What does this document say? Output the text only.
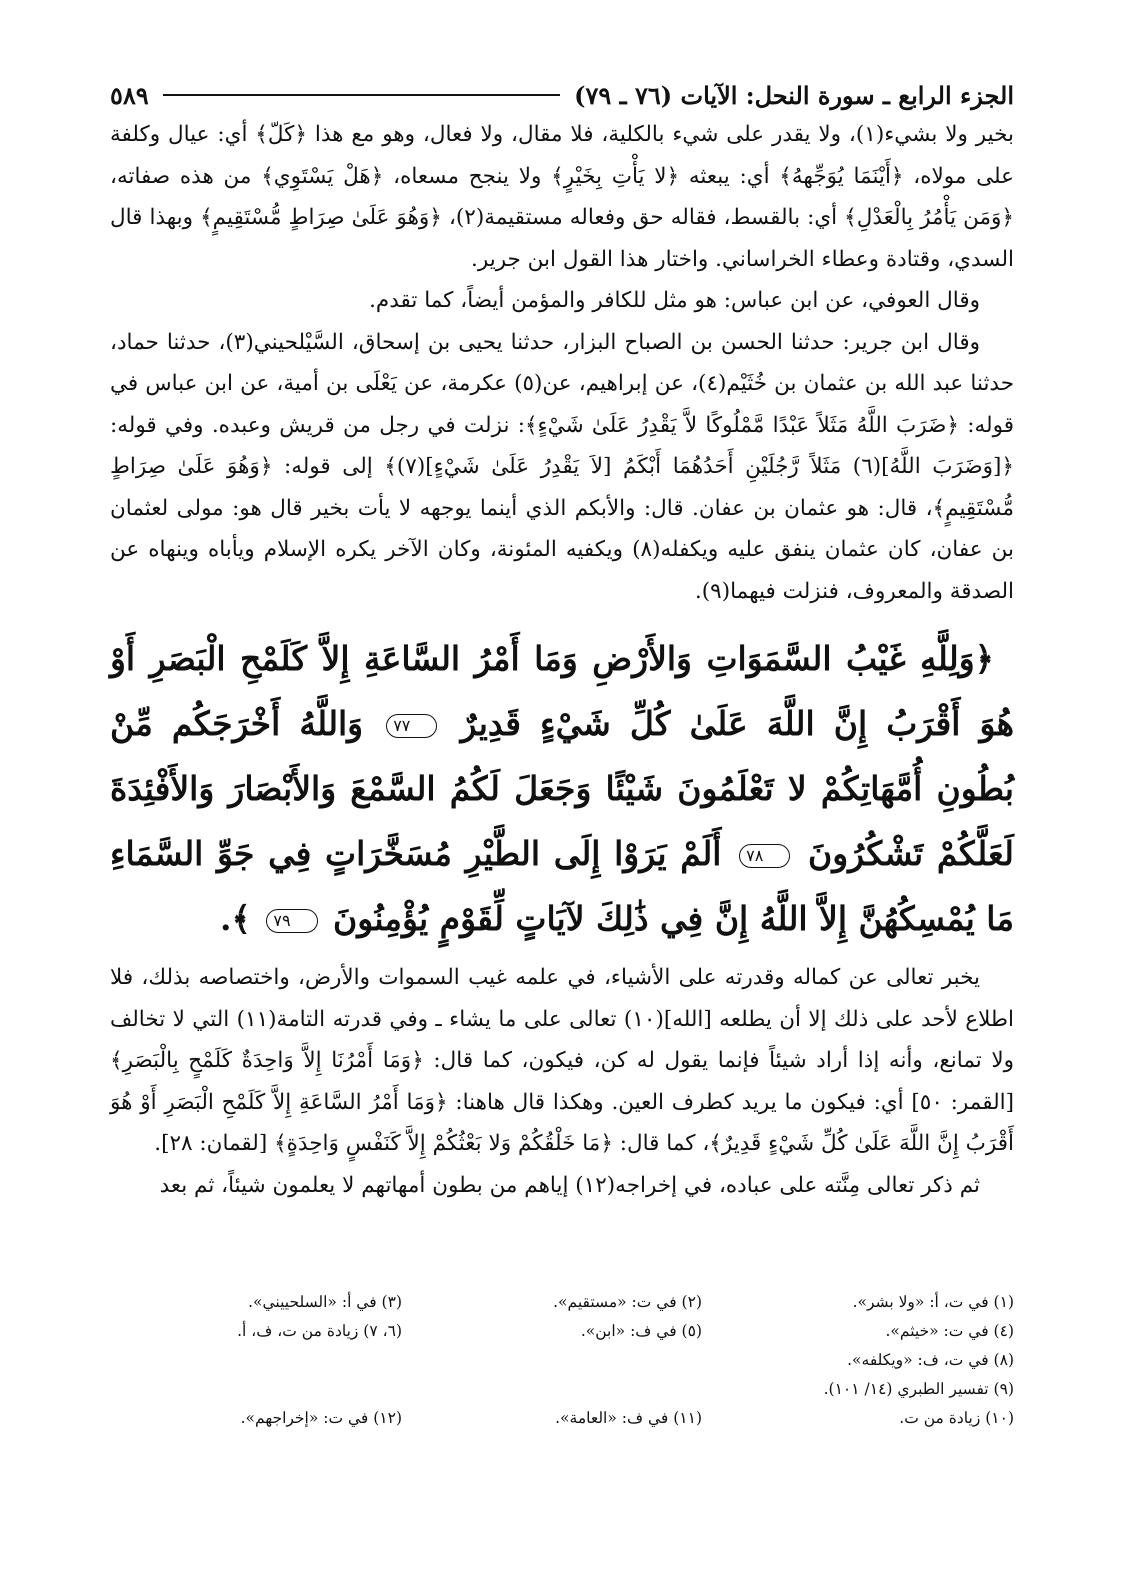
الجزء الرابع ـ سورة النحل: الآيات (٧٦ ـ ٧٩)
٥٨٩

بخير ولا بشيء(١)، ولا يقدر على شيء بالكلية، فلا مقال، ولا فعال، وهو مع هذا ﴿كَلّ﴾ أي: عيال وكلفة على مولاه، ﴿أَيْنَمَا يُوَجِّههُ﴾ أي: يبعثه ﴿لا يَأْتِ بِخَيْرٍ﴾ ولا ينجح مسعاه، ﴿هَلْ يَسْتَوِي﴾ من هذه صفاته، ﴿وَمَن يَأْمُرُ بِالْعَدْلِ﴾ أي: بالقسط، فقاله حق وفعاله مستقيمة(٢)، ﴿وَهُوَ عَلَىٰ صِرَاطٍ مُّسْتَقِيمٍ﴾ وبهذا قال السدي، وقتادة وعطاء الخراساني. واختار هذا القول ابن جرير.

وقال العوفي، عن ابن عباس: هو مثل للكافر والمؤمن أيضاً، كما تقدم.

وقال ابن جرير: حدثنا الحسن بن الصباح البزار، حدثنا يحيى بن إسحاق، السَّيْلحيني(٣)، حدثنا حماد، حدثنا عبد الله بن عثمان بن خُثَيْم(٤)، عن إبراهيم، عن(٥) عكرمة، عن يَعْلَى بن أمية، عن ابن عباس في قوله: ﴿ضَرَبَ اللَّهُ مَثَلاً عَبْدًا مَّمْلُوكًا لاَّ يَقْدِرُ عَلَىٰ شَيْءٍ﴾: نزلت في رجل من قريش وعبده. وفي قوله: ﴿[وَضَرَبَ اللَّهُ](٦) مَثَلاً رَّجُلَيْنِ أَحَدُهُمَا أَبْكَمُ [لاَ يَقْدِرُ عَلَىٰ شَيْءٍ](٧)﴾ إلى قوله: ﴿وَهُوَ عَلَىٰ صِرَاطٍ مُّسْتَقِيمٍ﴾، قال: هو عثمان بن عفان. قال: والأبكم الذي أينما يوجهه لا يأت بخير قال هو: مولى لعثمان بن عفان، كان عثمان ينفق عليه ويكفله(٨) ويكفيه المئونة، وكان الآخر يكره الإسلام ويأباه وينهاه عن الصدقة والمعروف، فنزلت فيهما(٩).

﴿وَلِلَّهِ غَيْبُ السَّمَوَاتِ وَالأَرْضِ وَمَا أَمْرُ السَّاعَةِ إِلاَّ كَلَمْحِ الْبَصَرِ أَوْ هُوَ أَقْرَبُ إِنَّ اللَّهَ عَلَىٰ كُلِّ شَيْءٍ قَدِيرٌ ٧٧ وَاللَّهُ أَخْرَجَكُم مِّنْ بُطُونِ أُمَّهَاتِكُمْ لا تَعْلَمُونَ شَيْئًا وَجَعَلَ لَكُمُ السَّمْعَ وَالأَبْصَارَ وَالأَفْئِدَةَ لَعَلَّكُمْ تَشْكُرُونَ ٧٨ أَلَمْ يَرَوْا إِلَى الطَّيْرِ مُسَخَّرَاتٍ فِي جَوِّ السَّمَاءِ مَا يُمْسِكُهُنَّ إِلاَّ اللَّهُ إِنَّ فِي ذَٰلِكَ لآيَاتٍ لِّقَوْمٍ يُؤْمِنُونَ ٧٩ ﴾.

يخبر تعالى عن كماله وقدرته على الأشياء، في علمه غيب السموات والأرض، واختصاصه بذلك، فلا اطلاع لأحد على ذلك إلا أن يطلعه [الله](١٠) تعالى على ما يشاء ـ وفي قدرته التامة(١١) التي لا تخالف ولا تمانع، وأنه إذا أراد شيئاً فإنما يقول له كن، فيكون، كما قال: ﴿وَمَا أَمْرُنَا إِلاَّ وَاحِدَةٌ كَلَمْحٍ بِالْبَصَرِ﴾ [القمر: ٥٠] أي: فيكون ما يريد كطرف العين. وهكذا قال هاهنا: ﴿وَمَا أَمْرُ السَّاعَةِ إِلاَّ كَلَمْحِ الْبَصَرِ أَوْ هُوَ أَقْرَبُ إِنَّ اللَّهَ عَلَىٰ كُلِّ شَيْءٍ قَدِيرٌ﴾، كما قال: ﴿مَا خَلْقُكُمْ وَلا بَعْثُكُمْ إِلاَّ كَنَفْسٍ وَاحِدَةٍ﴾ [لقمان: ٢٨].

ثم ذكر تعالى مِنَّته على عباده، في إخراجه(١٢) إياهم من بطون أمهاتهم لا يعلمون شيئاً، ثم بعد

(١) في ت، أ: «ولا بشر».
(٢) في ت: «مستقيم».
(٣) في أ: «السلحييني».
(٤) في ت: «خيثم».
(٥) في ف: «ابن».
(٦، ٧) زيادة من ت، ف، أ.
(٨) في ت، ف: «ويكلفه».
(٩) تفسير الطبري (١٤/ ١٠١).
(١٠) زيادة من ت.
(١١) في ف: «العامة».
(١٢) في ت: «إخراجهم».
